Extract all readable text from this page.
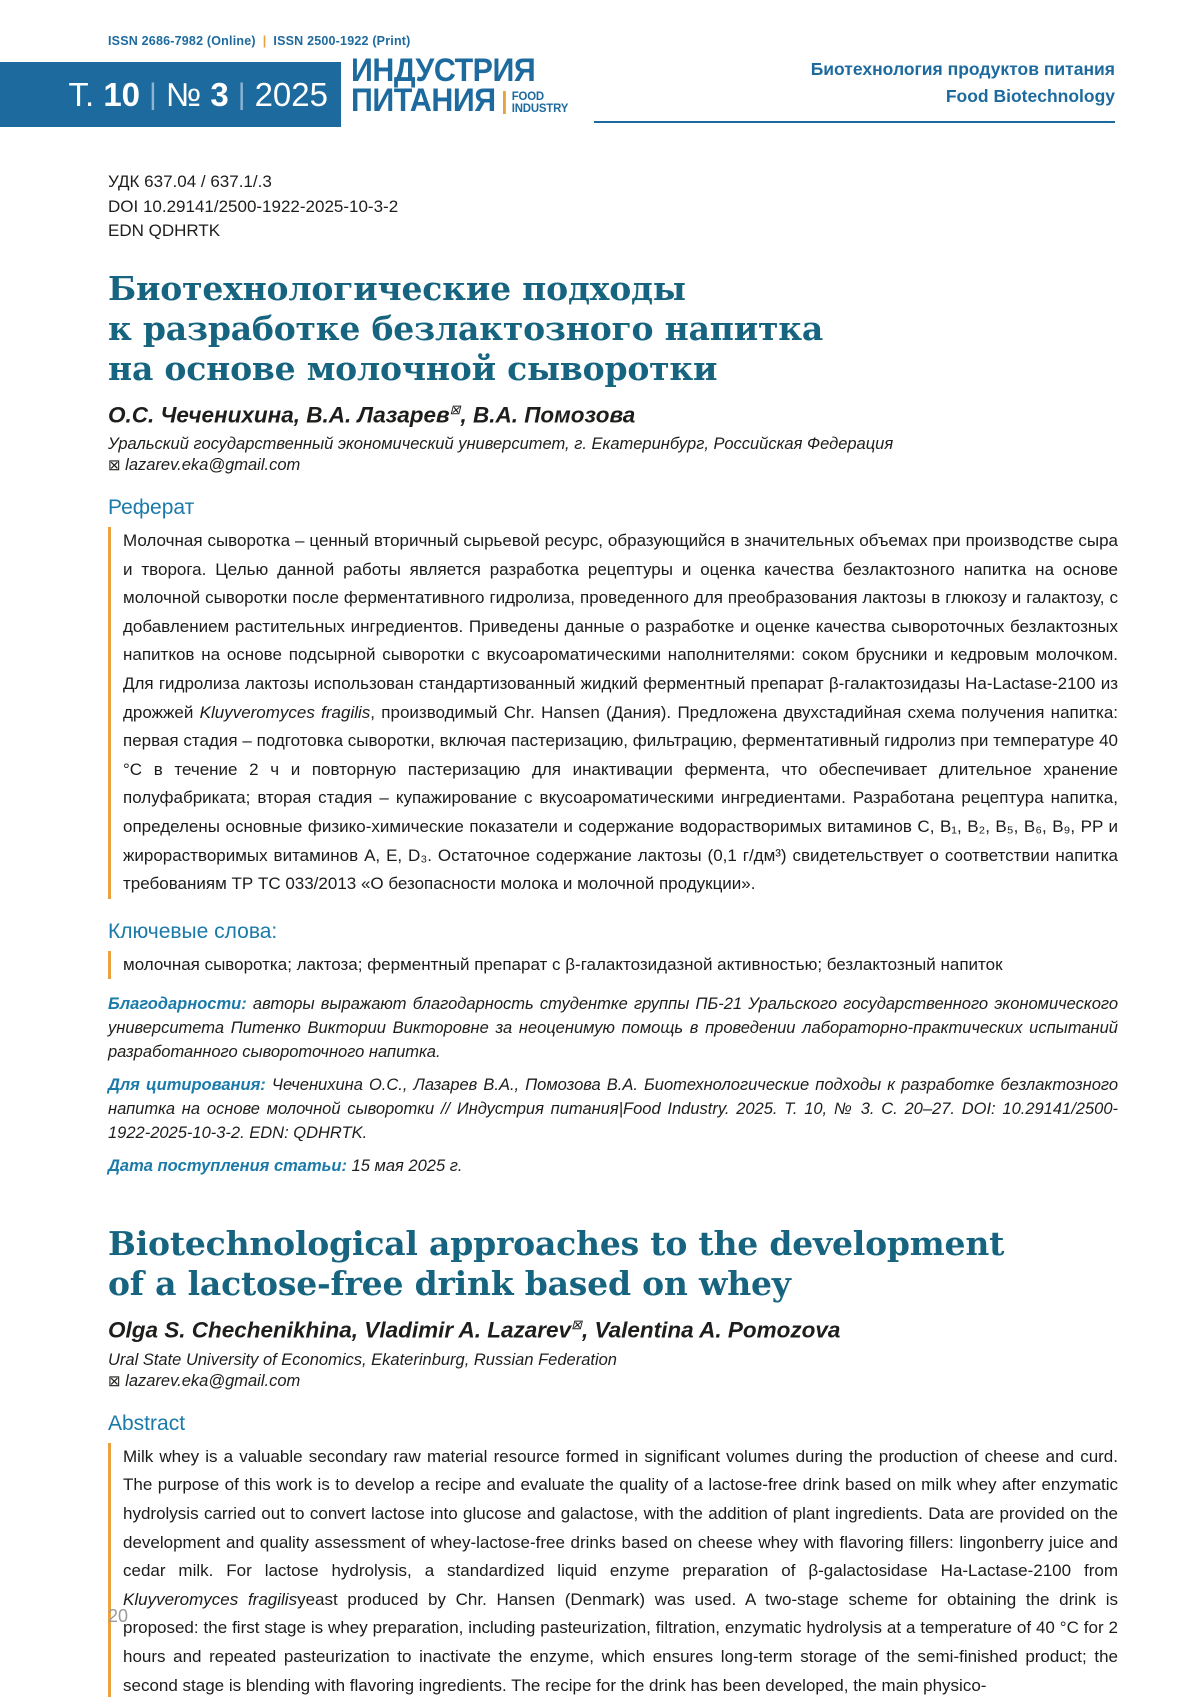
ISSN 2686-7982 (Online) | ISSN 2500-1922 (Print)
Т.
10 | №
3 | 2025
ИНДУСТРИЯ
ПИТАНИЯ FOOD
INDUSTRY
Биотехнология продуктов питания
Food Biotechnology
УДК 637.04 / 637.1/.3
DOI 10.29141/2500-1922-2025-10-3-2
EDN QDHRTK
Биотехнологические подходы
к разработке безлактозного напитка
на основе молочной сыворотки
О.С. Чеченихина, В.А. Лазарев⊠, В.А. Помозова
Уральский государственный экономический университет, г. Екатеринбург, Российская Федерация
⊠ lazarev.eka@gmail.com
Реферат
Молочная сыворотка – ценный вторичный сырьевой ресурс, образующийся в значительных объемах при производстве сыра и творога. Целью данной работы является разработка рецептуры и оценка качества безлактозного напитка на основе молочной сыворотки после ферментативного гидролиза, проведенного для преобразования лактозы в глюкозу и галактозу, с добавлением растительных ингредиентов. Приведены данные о разработке и оценке качества сывороточных безлактозных напитков на основе подсырной сыворотки с вкусоароматическими наполнителями: соком брусники и кедровым молочком. Для гидролиза лактозы использован стандартизованный жидкий ферментный препарат β-галактозидазы Ha-Lactase-2100 из дрожжей Kluyveromyces fragilis, производимый Chr. Hansen (Дания). Предложена двухстадийная схема получения напитка: первая стадия – подготовка сыворотки, включая пастеризацию, фильтрацию, ферментативный гидролиз при температуре 40 °C в течение 2 ч и повторную пастеризацию для инактивации фермента, что обеспечивает длительное хранение полуфабриката; вторая стадия – купажирование с вкусоароматическими ингредиентами. Разработана рецептура напитка, определены основные физико-химические показатели и содержание водорастворимых витаминов C, B₁, B₂, B₅, B₆, B₉, PP и жирорастворимых витаминов A, E, D₃. Остаточное содержание лактозы (0,1 г/дм³) свидетельствует о соответствии напитка требованиям ТР ТС 033/2013 «О безопасности молока и молочной продукции».
Ключевые слова:
молочная сыворотка; лактоза; ферментный препарат с β-галактозидазной активностью; безлактозный напиток
Благодарности: авторы выражают благодарность студентке группы ПБ-21 Уральского государственного экономического университета Питенко Виктории Викторовне за неоценимую помощь в проведении лабораторно-практических испытаний разработанного сывороточного напитка.
Для цитирования: Чеченихина О.С., Лазарев В.А., Помозова В.А. Биотехнологические подходы к разработке безлактозного напитка на основе молочной сыворотки // Индустрия питания|Food Industry. 2025. Т. 10, № 3. С. 20–27. DOI: 10.29141/2500-1922-2025-10-3-2. EDN: QDHRTK.
Дата поступления статьи: 15 мая 2025 г.
Biotechnological approaches to the development
of a lactose-free drink based on whey
Olga S. Chechenikhina, Vladimir A. Lazarev⊠, Valentina A. Pomozova
Ural State University of Economics, Ekaterinburg, Russian Federation
⊠ lazarev.eka@gmail.com
Abstract
Milk whey is a valuable secondary raw material resource formed in significant volumes during the production of cheese and curd. The purpose of this work is to develop a recipe and evaluate the quality of a lactose-free drink based on milk whey after enzymatic hydrolysis carried out to convert lactose into glucose and galactose, with the addition of plant ingredients. Data are provided on the development and quality assessment of whey-lactose-free drinks based on cheese whey with flavoring fillers: lingonberry juice and cedar milk. For lactose hydrolysis, a standardized liquid enzyme preparation of β-galactosidase Ha-Lactase-2100 from Kluyveromyces fragilisyeast produced by Chr. Hansen (Denmark) was used. A two-stage scheme for obtaining the drink is proposed: the first stage is whey preparation, including pasteurization, filtration, enzymatic hydrolysis at a temperature of 40 °C for 2 hours and repeated pasteurization to inactivate the enzyme, which ensures long-term storage of the semi-finished product; the second stage is blending with flavoring ingredients. The recipe for the drink has been developed, the main physico-
20
